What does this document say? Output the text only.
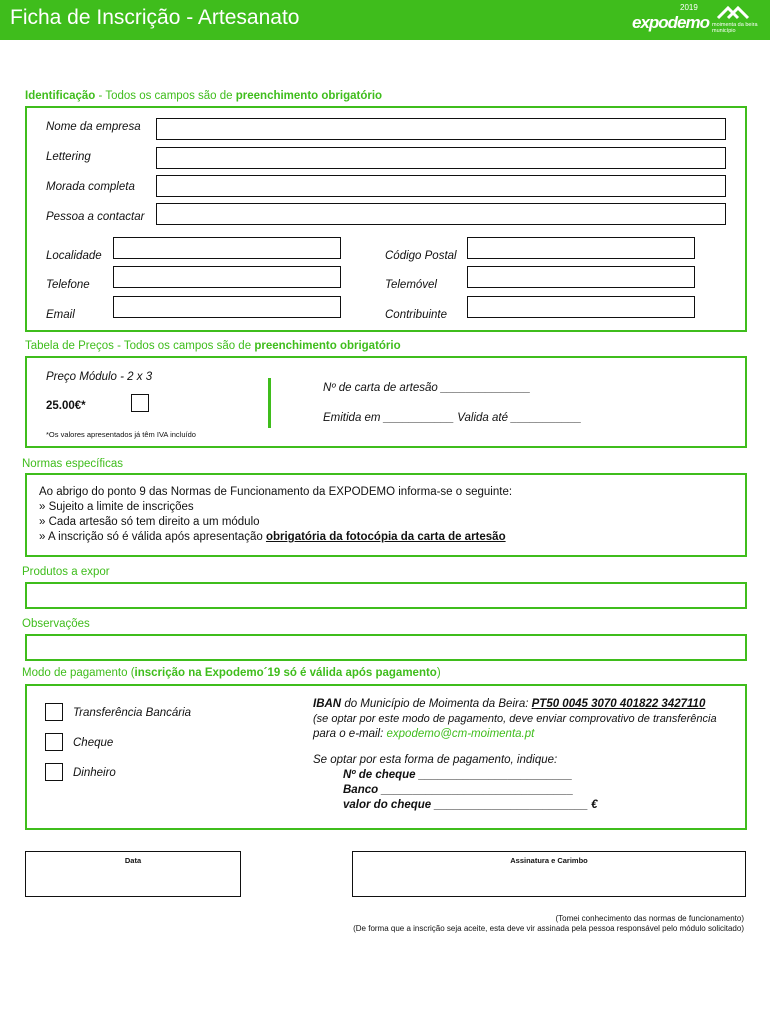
Ficha de Inscrição - Artesanato	2019
expodemo moimenta da beira município
Identificação - Todos os campos são de preenchimento obrigatório
Nome da empresa
Lettering
Morada completa
Pessoa a contactar
Localidade	Código Postal
Telefone	Telemóvel
Email	Contribuinte
Tabela de Preços - Todos os campos são de preenchimento obrigatório
Preço Módulo - 2 x 3
25.00€*
*Os valores apresentados já têm IVA incluído
Nº de carta de artesão ______________
Emitida em ___________ Valida até ___________
Normas específicas
Ao abrigo do ponto 9 das Normas de Funcionamento da EXPODEMO informa-se o seguinte:
» Sujeito a limite de inscrições
» Cada artesão só tem direito a um módulo
» A inscrição só é válida após apresentação obrigatória da fotocópia da carta de artesão
Produtos a expor
Observações
Modo de pagamento (inscrição na Expodemo´19 só é válida após pagamento)
Transferência Bancária
Cheque
Dinheiro
IBAN do Município de Moimenta da Beira: PT50 0045 3070 401822 3427110
(se optar por este modo de pagamento, deve enviar comprovativo de transferência
para o e-mail: expodemo@cm-moimenta.pt
Se optar por esta forma de pagamento, indique:
Nº de cheque ________________________
Banco ______________________________
valor do cheque ________________________ €
Data	Assinatura e Carimbo
(Tomei conhecimento das normas de funcionamento)
(De forma que a inscrição seja aceite, esta deve vir assinada pela pessoa responsável pelo módulo solicitado)
